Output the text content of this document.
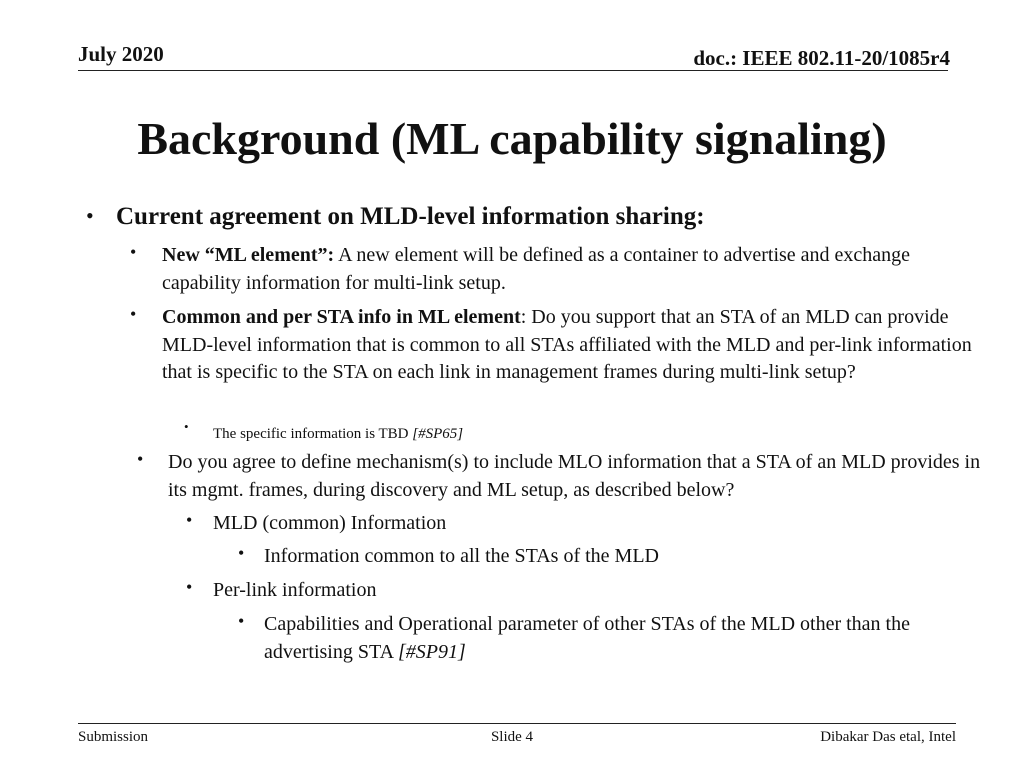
July 2020	doc.: IEEE 802.11-20/1085r4
Background (ML capability signaling)
• Current agreement on MLD-level information sharing:
• New “ML element”: A new element will be defined as a container to advertise and exchange capability information for multi-link setup.
• Common and per STA info in ML element: Do you support that an STA of an MLD can provide MLD-level information that is common to all STAs affiliated with the MLD and per-link information that is specific to the STA on each link in management frames during multi-link setup?
• The specific information is TBD [#SP65]
• Do you agree to define mechanism(s) to include MLO information that a STA of an MLD provides in its mgmt. frames, during discovery and ML setup, as described below?
• MLD (common) Information
• Information common to all the STAs of the MLD
• Per-link information
• Capabilities and Operational parameter of other STAs of the MLD other than the advertising STA [#SP91]
Submission	Slide 4	Dibakar Das etal, Intel
